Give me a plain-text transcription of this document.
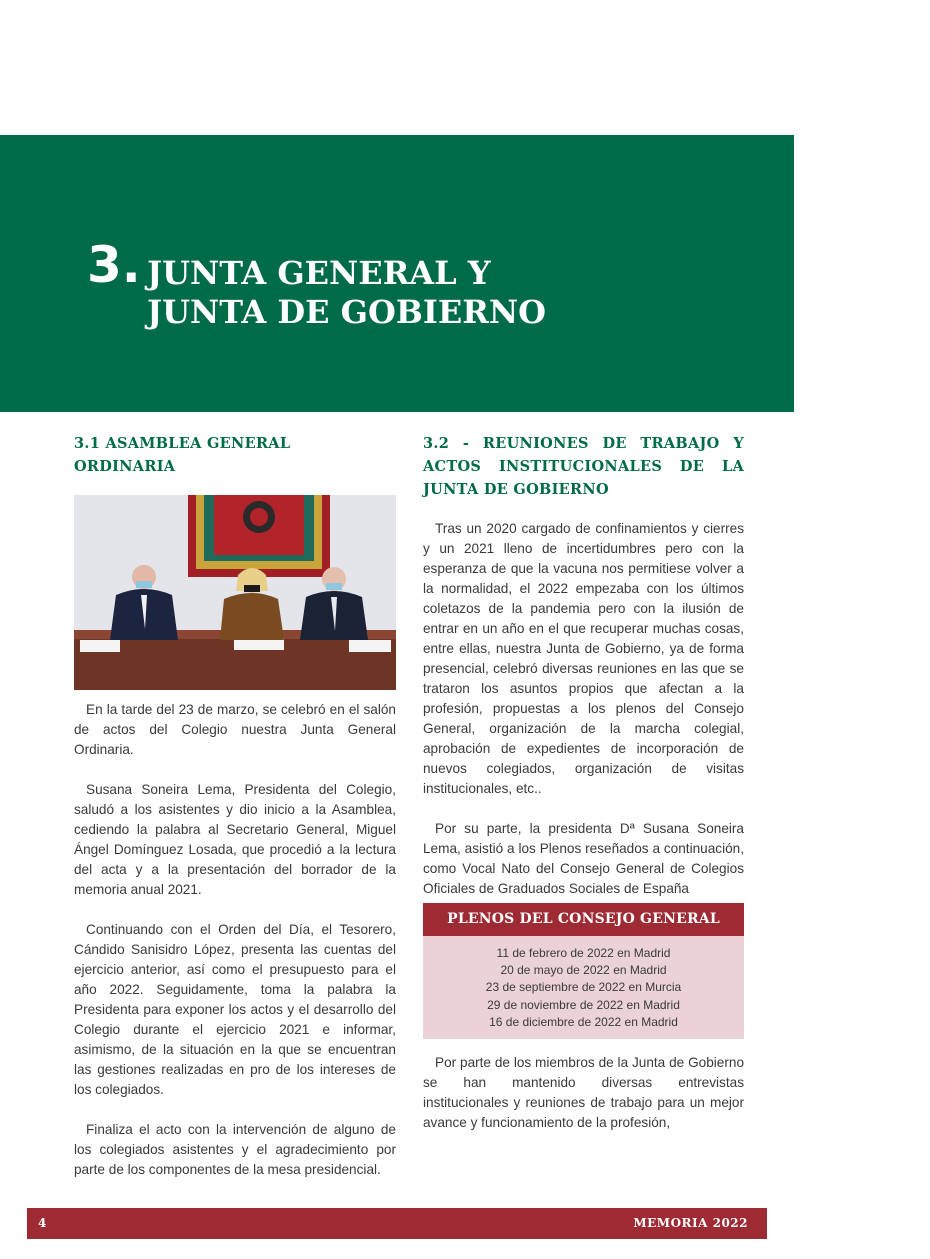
3. JUNTA GENERAL Y
JUNTA DE GOBIERNO
3.1 ASAMBLEA GENERAL ORDINARIA

En la tarde del 23 de marzo, se celebró en el salón de actos del Colegio nuestra Junta General Ordinaria.

Susana Soneira Lema, Presidenta del Colegio, saludó a los asistentes y dio inicio a la Asamblea, cediendo la palabra al Secretario General, Miguel Ángel Domínguez Losada, que procedió a la lectura del acta y a la presentación del borrador de la memoria anual 2021.

Continuando con el Orden del Día, el Tesorero, Cándido Sanisidro López, presenta las cuentas del ejercicio anterior, así como el presupuesto para el año 2022. Seguidamente, toma la palabra la Presidenta para exponer los actos y el desarrollo del Colegio durante el ejercicio 2021 e informar, asimismo, de la situación en la que se encuentran las gestiones realizadas en pro de los intereses de los colegiados.

Finaliza el acto con la intervención de alguno de los colegiados asistentes y el agradecimiento por parte de los componentes de la mesa presidencial.

3.2 - REUNIONES DE TRABAJO Y ACTOS INSTITUCIONALES DE LA JUNTA DE GOBIERNO

Tras un 2020 cargado de confinamientos y cierres y un 2021 lleno de incertidumbres pero con la esperanza de que la vacuna nos permitiese volver a la normalidad, el 2022 empezaba con los últimos coletazos de la pandemia pero con la ilusión de entrar en un año en el que recuperar muchas cosas, entre ellas, nuestra Junta de Gobierno, ya de forma presencial, celebró diversas reuniones en las que se trataron los asuntos propios que afectan a la profesión, propuestas a los plenos del Consejo General, organización de la marcha colegial, aprobación de expedientes de incorporación de nuevos colegiados, organización de visitas institucionales, etc..

Por su parte, la presidenta Dª Susana Soneira Lema, asistió a los Plenos reseñados a continuación, como Vocal Nato del Consejo General de Colegios Oficiales de Graduados Sociales de España

PLENOS DEL CONSEJO GENERAL
11 de febrero de 2022 en Madrid
20 de mayo de 2022 en Madrid
23 de septiembre de 2022 en Murcia
29 de noviembre de 2022 en Madrid
16 de diciembre de 2022 en Madrid

Por parte de los miembros de la Junta de Gobierno se han mantenido diversas entrevistas institucionales y reuniones de trabajo para un mejor avance y funcionamiento de la profesión,

4	MEMORIA 2022
